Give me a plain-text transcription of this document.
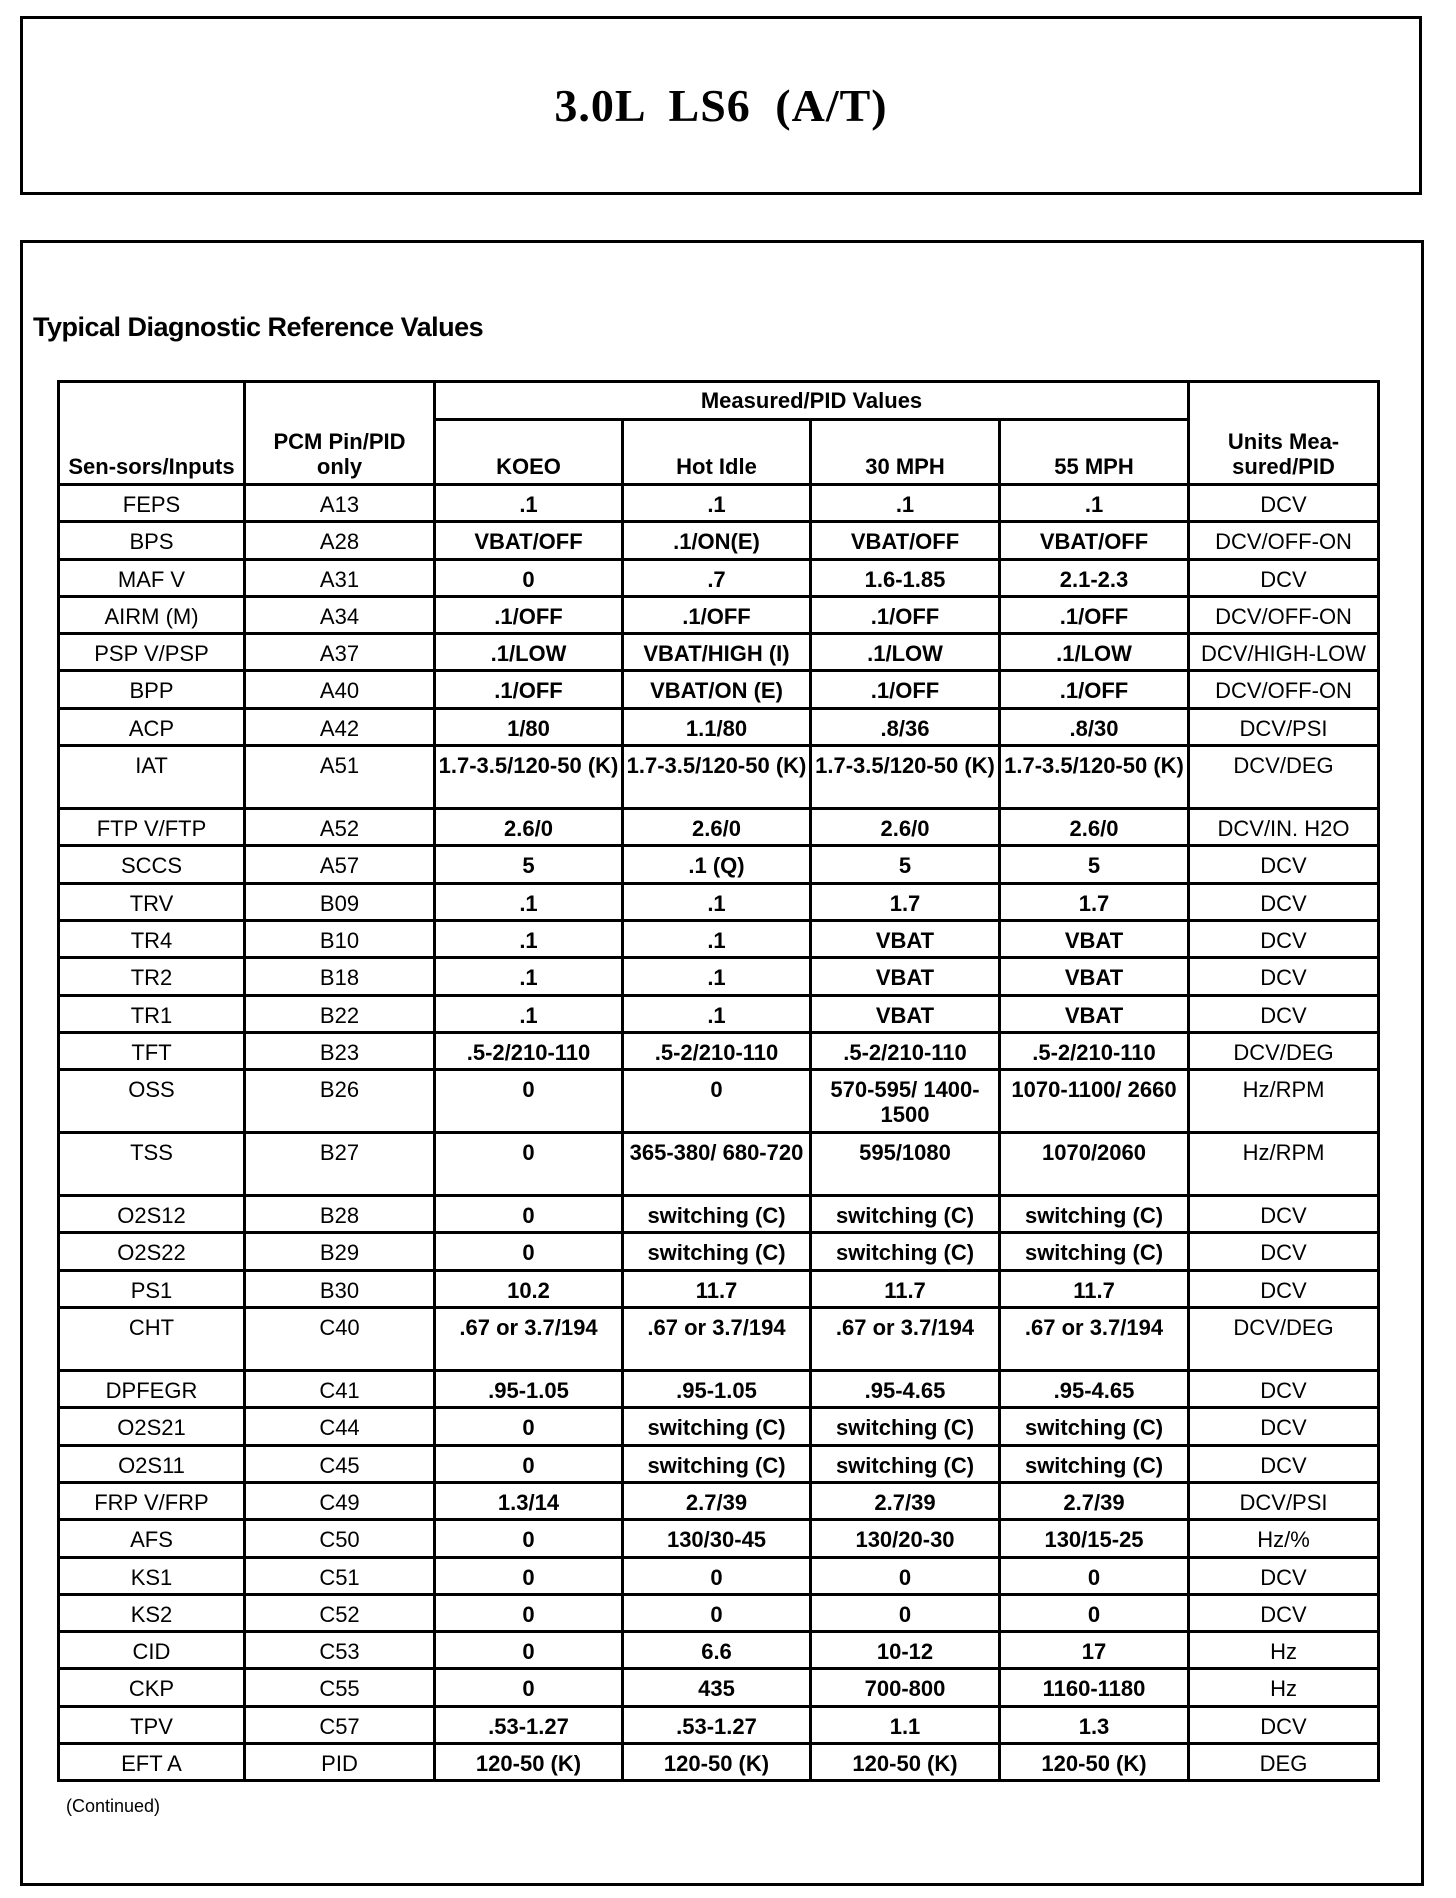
3.0L LS6 (A/T)
Typical Diagnostic Reference Values
Sen-sors/Inputs	PCM Pin/PID only	Measured/PID Values				Units Mea-sured/PID
		KOEO	Hot Idle	30 MPH	55 MPH	
FEPS	A13	.1	.1	.1	.1	DCV
BPS	A28	VBAT/OFF	.1/ON(E)	VBAT/OFF	VBAT/OFF	DCV/OFF-ON
MAF V	A31	0	.7	1.6-1.85	2.1-2.3	DCV
AIRM (M)	A34	.1/OFF	.1/OFF	.1/OFF	.1/OFF	DCV/OFF-ON
PSP V/PSP	A37	.1/LOW	VBAT/HIGH (I)	.1/LOW	.1/LOW	DCV/HIGH-LOW
BPP	A40	.1/OFF	VBAT/ON (E)	.1/OFF	.1/OFF	DCV/OFF-ON
ACP	A42	1/80	1.1/80	.8/36	.8/30	DCV/PSI
IAT	A51	1.7-3.5/120-50 (K)	1.7-3.5/120-50 (K)	1.7-3.5/120-50 (K)	1.7-3.5/120-50 (K)	DCV/DEG
FTP V/FTP	A52	2.6/0	2.6/0	2.6/0	2.6/0	DCV/IN. H2O
SCCS	A57	5	.1 (Q)	5	5	DCV
TRV	B09	.1	.1	1.7	1.7	DCV
TR4	B10	.1	.1	VBAT	VBAT	DCV
TR2	B18	.1	.1	VBAT	VBAT	DCV
TR1	B22	.1	.1	VBAT	VBAT	DCV
TFT	B23	.5-2/210-110	.5-2/210-110	.5-2/210-110	.5-2/210-110	DCV/DEG
OSS	B26	0	0	570-595/ 1400-1500	1070-1100/ 2660	Hz/RPM
TSS	B27	0	365-380/ 680-720	595/1080	1070/2060	Hz/RPM
O2S12	B28	0	switching (C)	switching (C)	switching (C)	DCV
O2S22	B29	0	switching (C)	switching (C)	switching (C)	DCV
PS1	B30	10.2	11.7	11.7	11.7	DCV
CHT	C40	.67 or 3.7/194	.67 or 3.7/194	.67 or 3.7/194	.67 or 3.7/194	DCV/DEG
DPFEGR	C41	.95-1.05	.95-1.05	.95-4.65	.95-4.65	DCV
O2S21	C44	0	switching (C)	switching (C)	switching (C)	DCV
O2S11	C45	0	switching (C)	switching (C)	switching (C)	DCV
FRP V/FRP	C49	1.3/14	2.7/39	2.7/39	2.7/39	DCV/PSI
AFS	C50	0	130/30-45	130/20-30	130/15-25	Hz/%
KS1	C51	0	0	0	0	DCV
KS2	C52	0	0	0	0	DCV
CID	C53	0	6.6	10-12	17	Hz
CKP	C55	0	435	700-800	1160-1180	Hz
TPV	C57	.53-1.27	.53-1.27	1.1	1.3	DCV
EFT A	PID	120-50 (K)	120-50 (K)	120-50 (K)	120-50 (K)	DEG
(Continued)
